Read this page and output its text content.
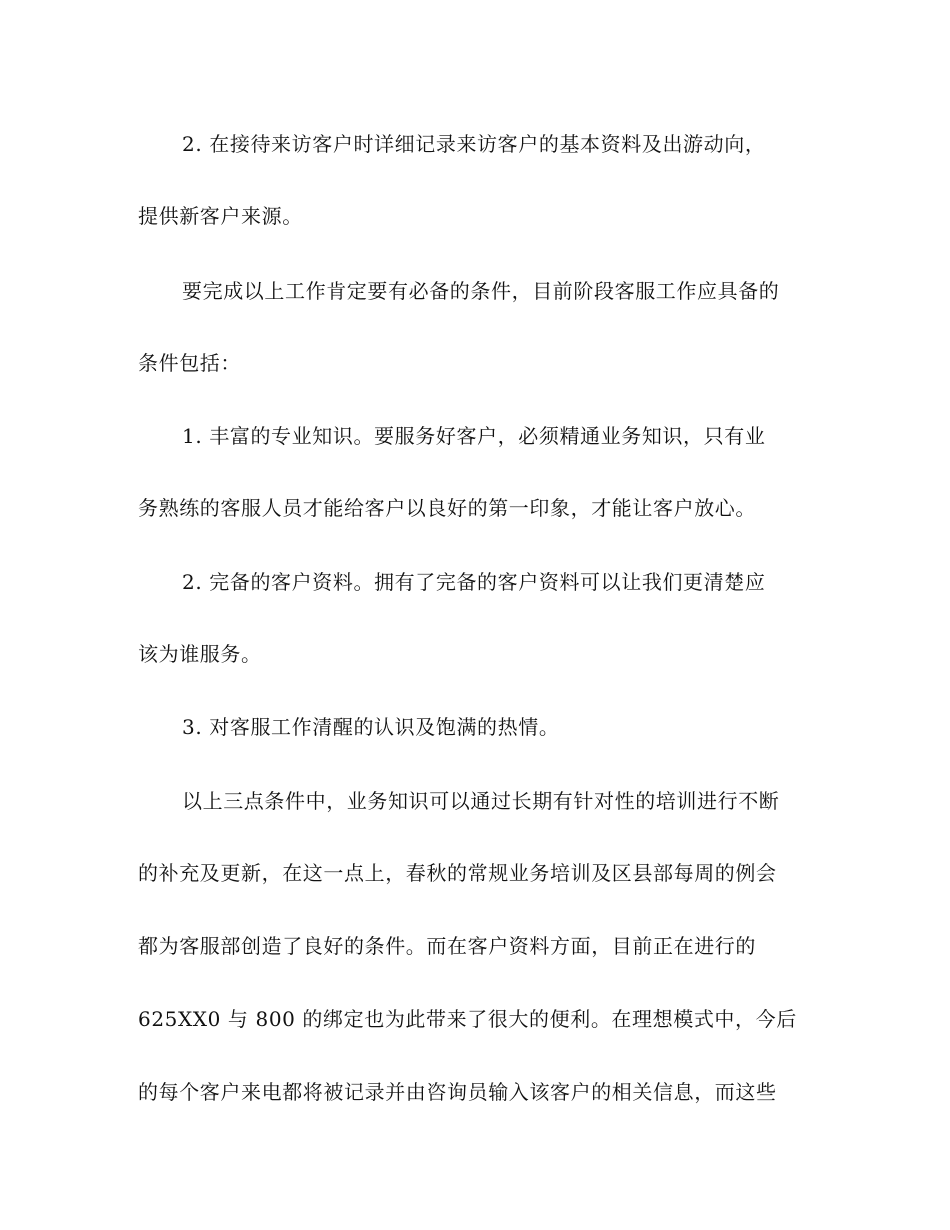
2. 在接待来访客户时详细记录来访客户的基本资料及出游动向，
提供新客户来源。
要完成以上工作肯定要有必备的条件，目前阶段客服工作应具备的
条件包括：
1. 丰富的专业知识。要服务好客户，必须精通业务知识，只有业
务熟练的客服人员才能给客户以良好的第一印象，才能让客户放心。
2. 完备的客户资料。拥有了完备的客户资料可以让我们更清楚应
该为谁服务。
3. 对客服工作清醒的认识及饱满的热情。
以上三点条件中，业务知识可以通过长期有针对性的培训进行不断
的补充及更新，在这一点上，春秋的常规业务培训及区县部每周的例会
都为客服部创造了良好的条件。而在客户资料方面，目前正在进行的
625XX0 与 800 的绑定也为此带来了很大的便利。在理想模式中，今后
的每个客户来电都将被记录并由咨询员输入该客户的相关信息，而这些
